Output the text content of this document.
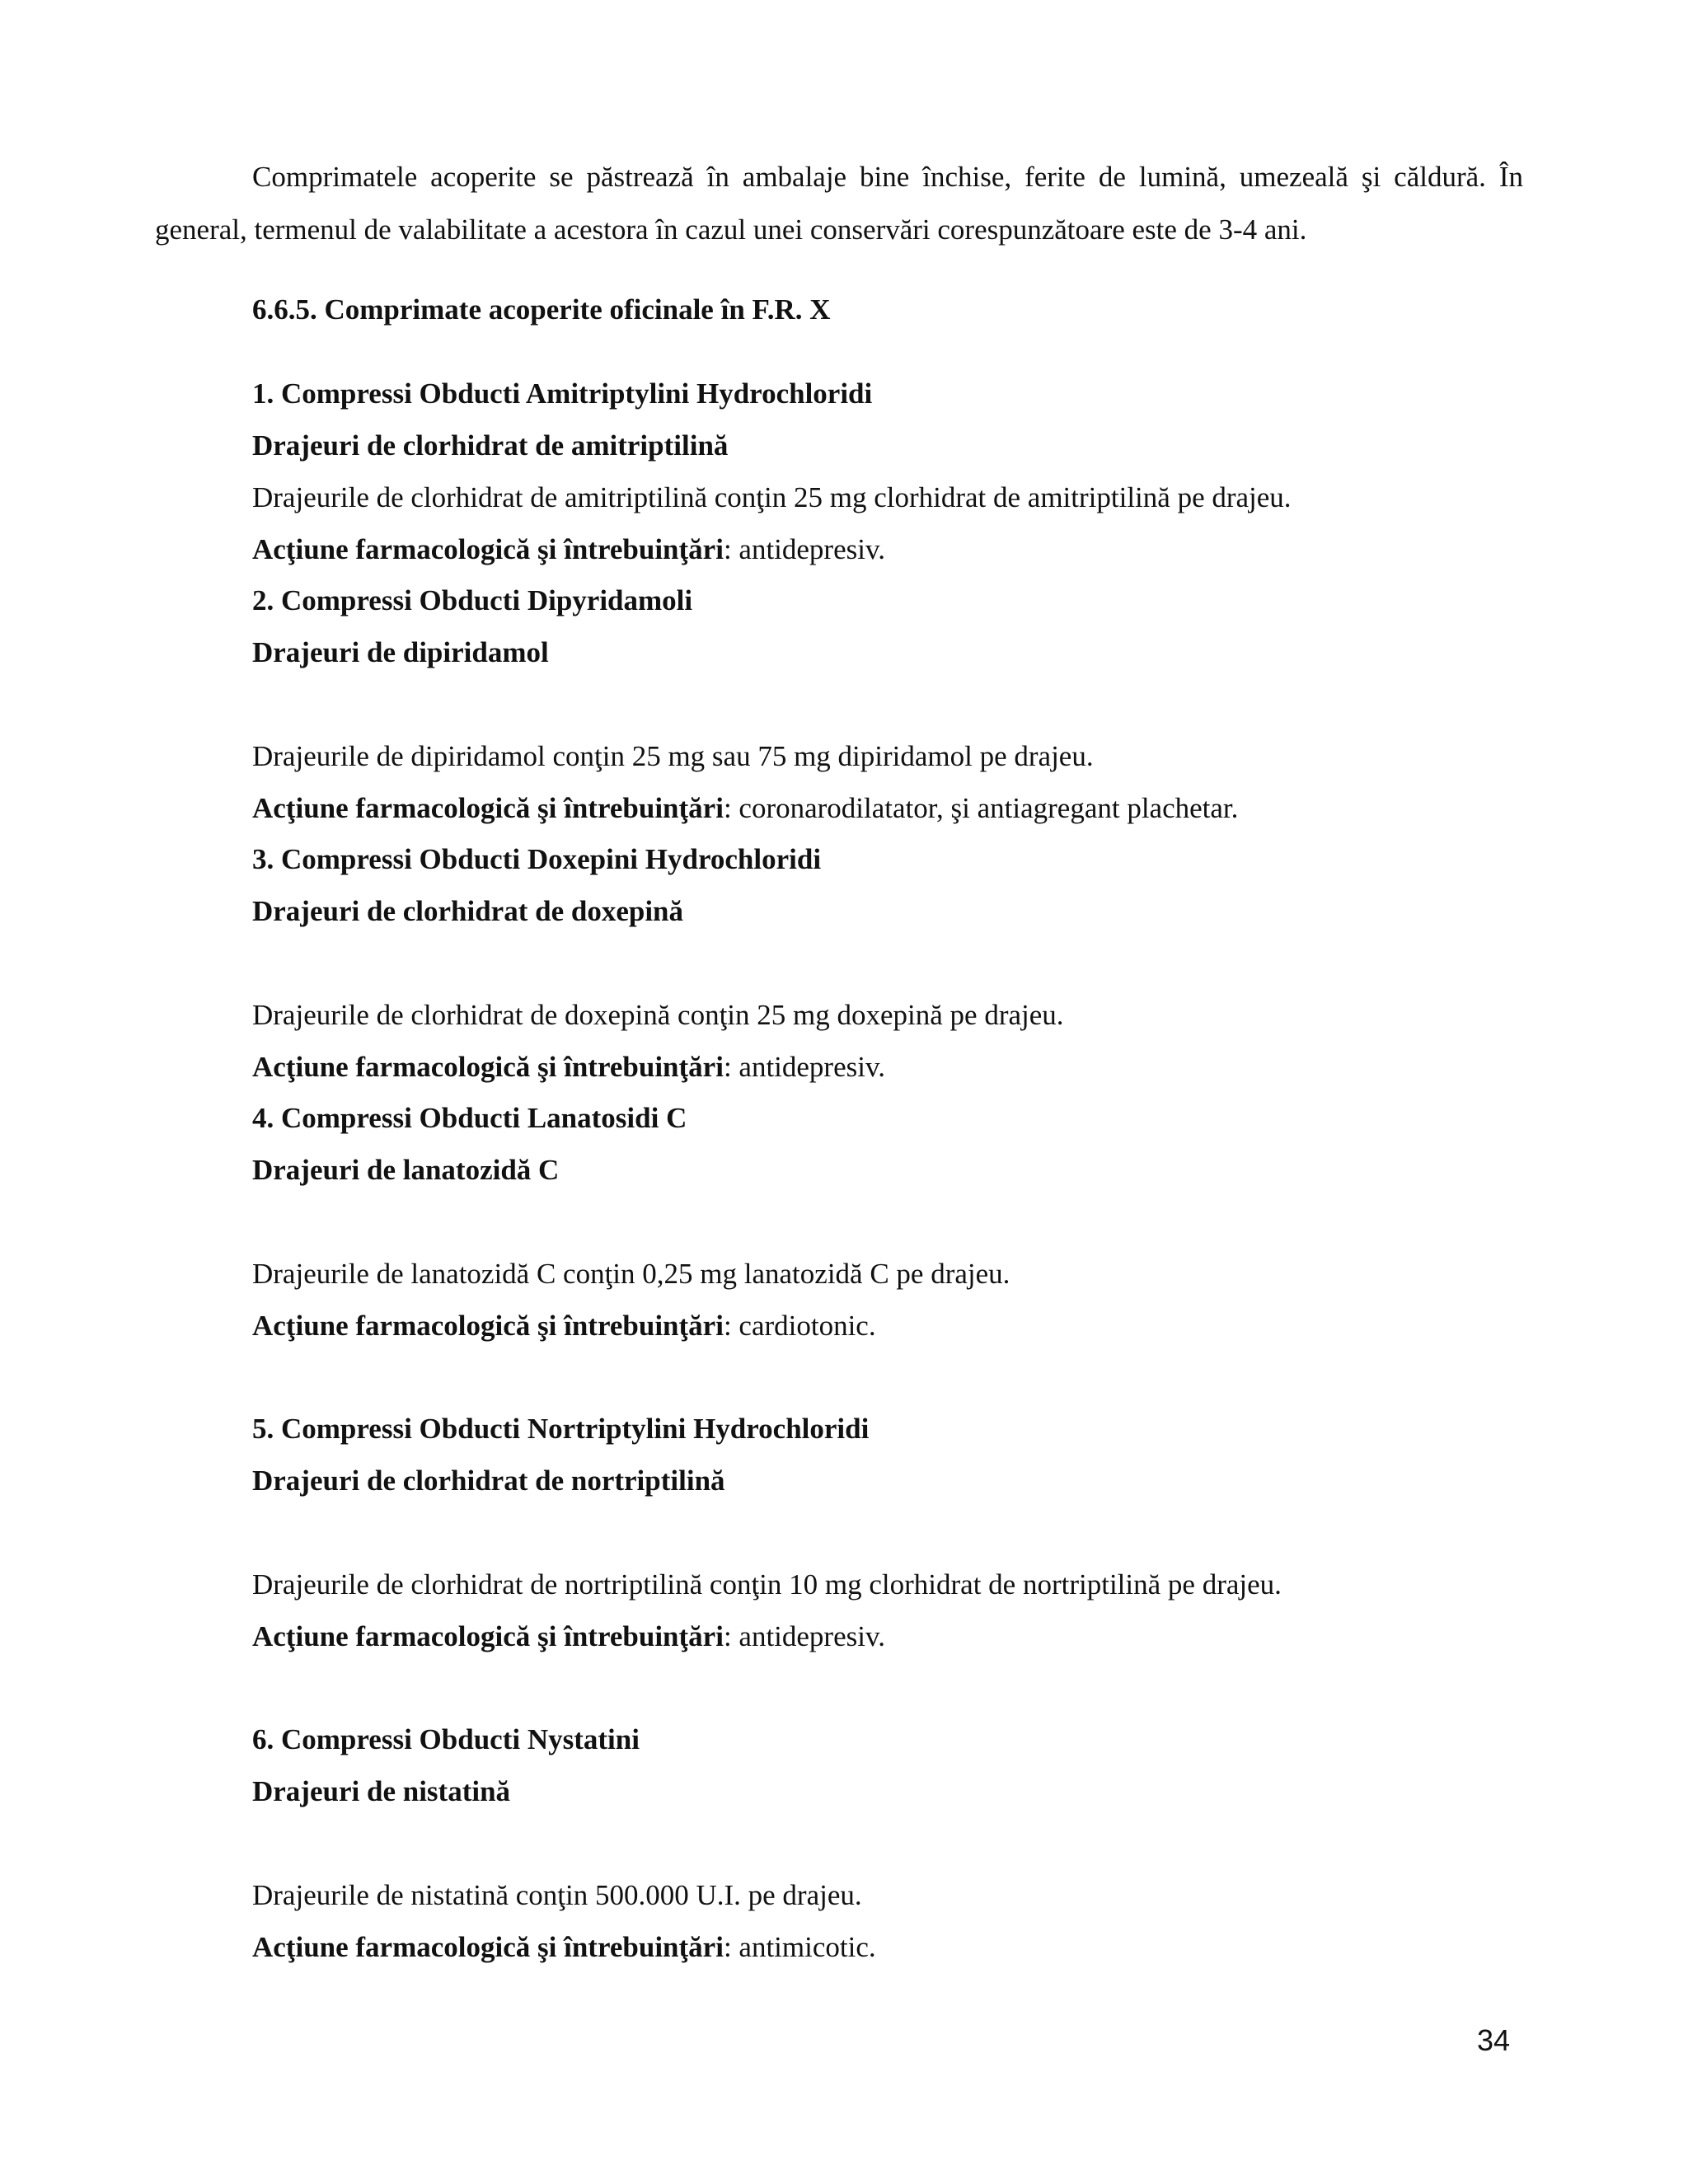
Comprimatele acoperite se păstrează în ambalaje bine închise, ferite de lumină, umezeală şi căldură. În general, termenul de valabilitate a acestora în cazul unei conservări corespunzătoare este de 3-4 ani.

6.6.5. Comprimate acoperite oficinale în F.R. X

1. Compressi Obducti Amitriptylini Hydrochloridi

Drajeuri de clorhidrat de amitriptilină

Drajeurile de clorhidrat de amitriptilină conţin 25 mg clorhidrat de amitriptilină pe drajeu.

Acţiune farmacologică şi întrebuinţări: antidepresiv.

2. Compressi Obducti Dipyridamoli

Drajeuri de dipiridamol

Drajeurile de dipiridamol conţin 25 mg sau 75 mg dipiridamol pe drajeu.

Acţiune farmacologică şi întrebuinţări: coronarodilatator, şi antiagregant plachetar.

3. Compressi Obducti Doxepini Hydrochloridi

Drajeuri de clorhidrat de doxepină

Drajeurile de clorhidrat de doxepină conţin 25 mg doxepină pe drajeu.

Acţiune farmacologică şi întrebuinţări: antidepresiv.

4. Compressi Obducti Lanatosidi C

Drajeuri de lanatozidă C

Drajeurile de lanatozidă C conţin 0,25 mg lanatozidă C pe drajeu.

Acţiune farmacologică şi întrebuinţări: cardiotonic.

5. Compressi Obducti Nortriptylini Hydrochloridi

Drajeuri de clorhidrat de nortriptilină

Drajeurile de clorhidrat de nortriptilină conţin 10 mg clorhidrat de nortriptilină pe drajeu.

Acţiune farmacologică şi întrebuinţări: antidepresiv.

6. Compressi Obducti Nystatini

Drajeuri de nistatină

Drajeurile de nistatină conţin 500.000 U.I. pe drajeu.

Acţiune farmacologică şi întrebuinţări: antimicotic.

34
